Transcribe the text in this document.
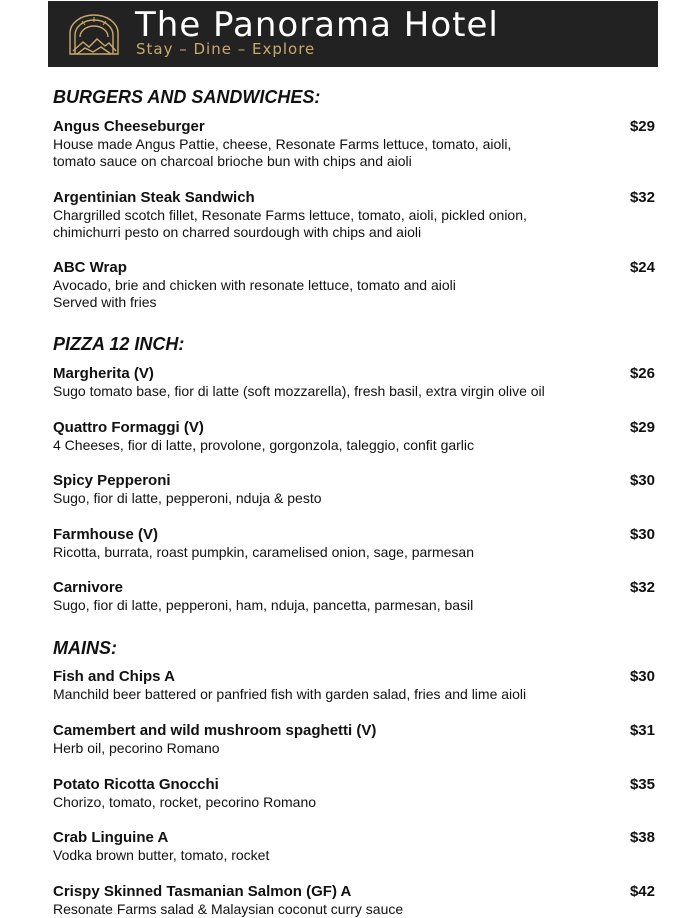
The Panorama Hotel
Stay – Dine – Explore
BURGERS AND SANDWICHES:
Angus Cheeseburger	$29
House made Angus Pattie, cheese, Resonate Farms lettuce, tomato, aioli,
tomato sauce on charcoal brioche bun with chips and aioli
Argentinian Steak Sandwich	$32
Chargrilled scotch fillet, Resonate Farms lettuce, tomato, aioli, pickled onion,
chimichurri pesto on charred sourdough with chips and aioli
ABC Wrap	$24
Avocado, brie and chicken with resonate lettuce, tomato and aioli
Served with fries
PIZZA 12 INCH:
Margherita (V)	$26
Sugo tomato base, fior di latte (soft mozzarella), fresh basil, extra virgin olive oil
Quattro Formaggi (V)	$29
4 Cheeses, fior di latte, provolone, gorgonzola, taleggio, confit garlic
Spicy Pepperoni	$30
Sugo, fior di latte, pepperoni, nduja & pesto
Farmhouse (V)	$30
Ricotta, burrata, roast pumpkin, caramelised onion, sage, parmesan
Carnivore	$32
Sugo, fior di latte, pepperoni, ham, nduja, pancetta, parmesan, basil
MAINS:
Fish and Chips A	$30
Manchild beer battered or panfried fish with garden salad, fries and lime aioli
Camembert and wild mushroom spaghetti (V)	$31
Herb oil, pecorino Romano
Potato Ricotta Gnocchi	$35
Chorizo, tomato, rocket, pecorino Romano
Crab Linguine A	$38
Vodka brown butter, tomato, rocket
Crispy Skinned Tasmanian Salmon (GF) A	$42
Resonate Farms salad & Malaysian coconut curry sauce
